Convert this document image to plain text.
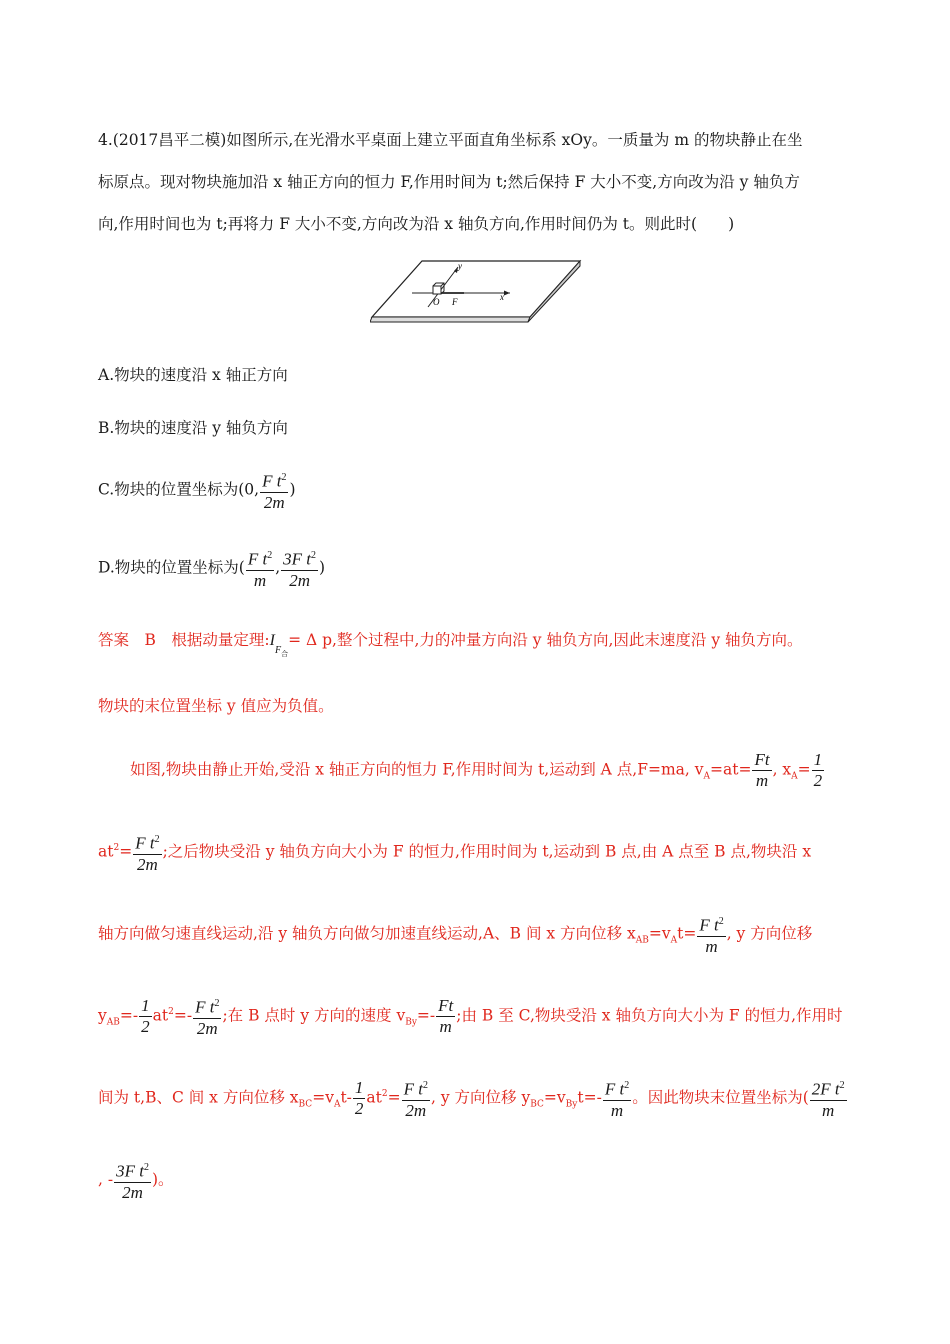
4.(2017昌平二模)如图所示,在光滑水平桌面上建立平面直角坐标系 xOy。一质量为 m 的物块静止在坐
标原点。现对物块施加沿 x 轴正方向的恒力 F,作用时间为 t;然后保持 F 大小不变,方向改为沿 y 轴负方
向,作用时间也为 t;再将力 F 大小不变,方向改为沿 x 轴负方向,作用时间仍为 t。则此时(　　)
y
O F	x
A.物块的速度沿 x 轴正方向
B.物块的速度沿 y 轴负方向
C.物块的位置坐标为(0, $\frac{F t^2}{2m}$ )
D.物块的位置坐标为( $\frac{F t^2}{m}$ , $\frac{3F t^2}{2m}$ )
答案　B　根据动量定理$:I_{F合}= \Delta$ p,整个过程中,力的冲量方向沿 y 轴负方向,因此末速度沿 y 轴负方向。
物块的末位置坐标 y 值应为负值。
如图,物块由静止开始,受沿 x 轴正方向的恒力 F,作用时间为 t,运动到 A 点,F=ma, $v_A=at= \frac{Ft}{m}$ , $x_A= \frac{1}{2}$
$at^2= \frac{F t^2}{2m}$ ;之后物块受沿 y 轴负方向大小为 F 的恒力,作用时间为 t,运动到 B 点,由 A 点至 B 点,物块沿 x
轴方向做匀速直线运动,沿 y 轴负方向做匀加速直线运动,A、B 间 x 方向位移 $x_{AB}=v_At= \frac{F t^2}{m}$ , y 方向位移
$y_{AB}=- \frac{1}{2} at^2=- \frac{F t^2}{2m}$ ;在 B 点时 y 方向的速度 $v_{By}=- \frac{Ft}{m}$ ;由 B 至 C,物块受沿 x 轴负方向大小为 F 的恒力,作用时
间为 t,B、C 间 x 方向位移 $x_{BC}=v_At- \frac{1}{2} at^2= \frac{F t^2}{2m}$ , y 方向位移 $y_{BC}=v_{By}t=- \frac{F t^2}{m}$ 。因此物块末位置坐标为( $\frac{2F t^2}{m}$
, - $\frac{3F t^2}{2m}$ )。
